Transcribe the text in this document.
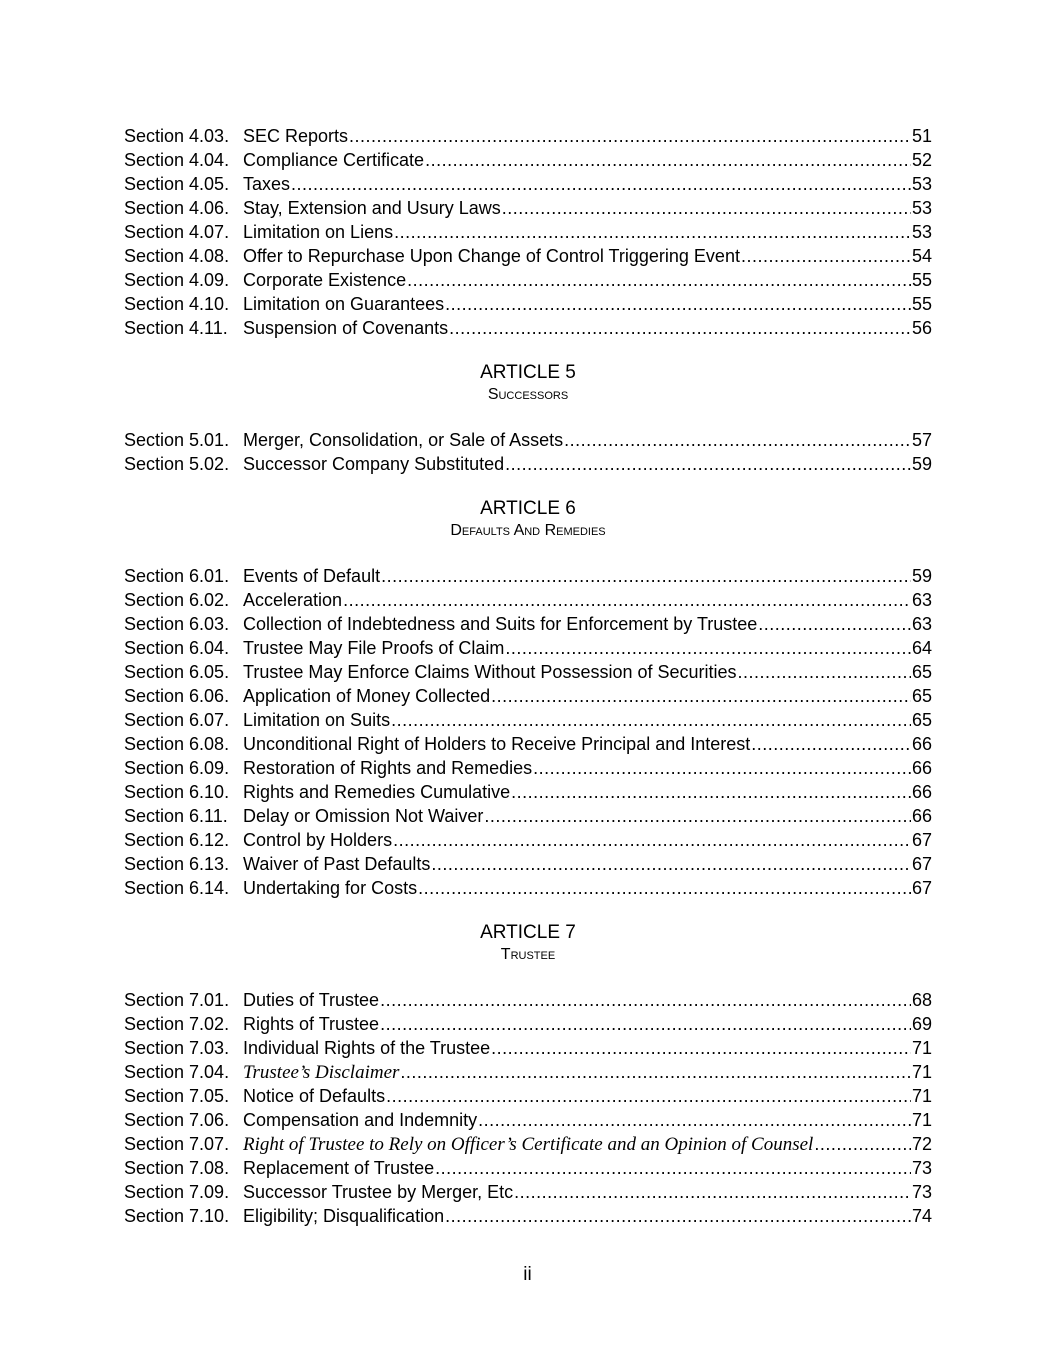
Section 4.03. SEC Reports .....	51
Section 4.04. Compliance Certificate .....	52
Section 4.05. Taxes .....	53
Section 4.06. Stay, Extension and Usury Laws .....	53
Section 4.07. Limitation on Liens .....	53
Section 4.08. Offer to Repurchase Upon Change of Control Triggering Event .....	54
Section 4.09. Corporate Existence .....	55
Section 4.10. Limitation on Guarantees .....	55
Section 4.11. Suspension of Covenants .....	56
ARTICLE 5
Successors
Section 5.01. Merger, Consolidation, or Sale of Assets .....	57
Section 5.02. Successor Company Substituted .....	59
ARTICLE 6
Defaults And Remedies
Section 6.01. Events of Default .....	59
Section 6.02. Acceleration .....	63
Section 6.03. Collection of Indebtedness and Suits for Enforcement by Trustee .....	63
Section 6.04. Trustee May File Proofs of Claim .....	64
Section 6.05. Trustee May Enforce Claims Without Possession of Securities .....	65
Section 6.06. Application of Money Collected .....	65
Section 6.07. Limitation on Suits .....	65
Section 6.08. Unconditional Right of Holders to Receive Principal and Interest .....	66
Section 6.09. Restoration of Rights and Remedies .....	66
Section 6.10. Rights and Remedies Cumulative .....	66
Section 6.11. Delay or Omission Not Waiver .....	66
Section 6.12. Control by Holders .....	67
Section 6.13. Waiver of Past Defaults .....	67
Section 6.14. Undertaking for Costs .....	67
ARTICLE 7
Trustee
Section 7.01. Duties of Trustee .....	68
Section 7.02. Rights of Trustee .....	69
Section 7.03. Individual Rights of the Trustee .....	71
Section 7.04. Trustee’s Disclaimer .....	71
Section 7.05. Notice of Defaults .....	71
Section 7.06. Compensation and Indemnity .....	71
Section 7.07. Right of Trustee to Rely on Officer’s Certificate and an Opinion of Counsel .....	72
Section 7.08. Replacement of Trustee .....	73
Section 7.09. Successor Trustee by Merger, Etc .....	73
Section 7.10. Eligibility; Disqualification .....	74
ii
